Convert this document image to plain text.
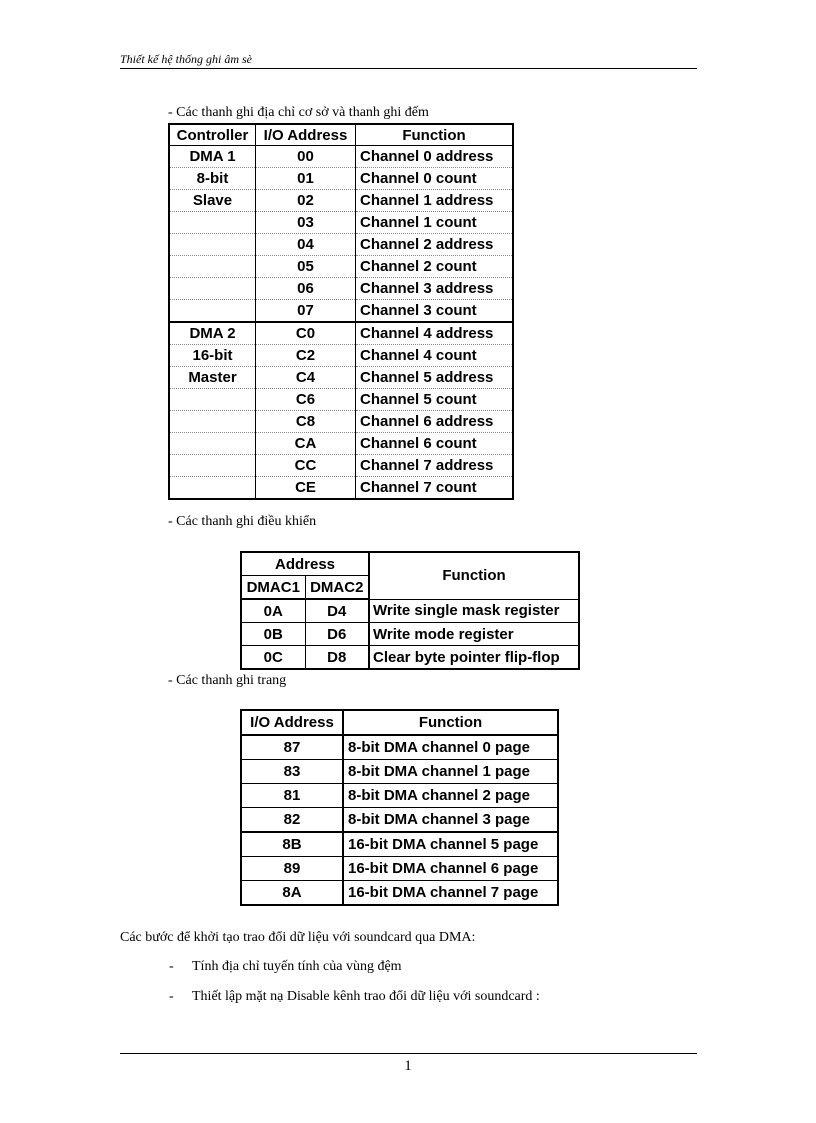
Thiết kế hệ thống ghi âm sè
- Các thanh ghi địa chỉ cơ sở và thanh ghi đếm
Controller	I/O Address	Function
DMA 1	00	Channel 0 address
8-bit	01	Channel 0 count
Slave	02	Channel 1 address
	03	Channel 1 count
	04	Channel 2 address
	05	Channel 2 count
	06	Channel 3 address
	07	Channel 3 count
DMA 2	C0	Channel 4 address
16-bit	C2	Channel 4 count
Master	C4	Channel 5 address
	C6	Channel 5 count
	C8	Channel 6 address
	CA	Channel 6 count
	CC	Channel 7 address
	CE	Channel 7 count
- Các thanh ghi điều khiển
Address		Function
DMAC1	DMAC2	
0A	D4	Write single mask register
0B	D6	Write mode register
0C	D8	Clear byte pointer flip-flop
- Các thanh ghi trang
I/O Address	Function
87	8-bit DMA channel 0 page
83	8-bit DMA channel 1 page
81	8-bit DMA channel 2 page
82	8-bit DMA channel 3 page
8B	16-bit DMA channel 5 page
89	16-bit DMA channel 6 page
8A	16-bit DMA channel 7 page
Các bước để khởi tạo trao đổi dữ liệu với soundcard qua DMA:
- Tính địa chỉ tuyến tính của vùng đệm
- Thiết lập mặt nạ Disable kênh trao đổi dữ liệu với soundcard :
1
